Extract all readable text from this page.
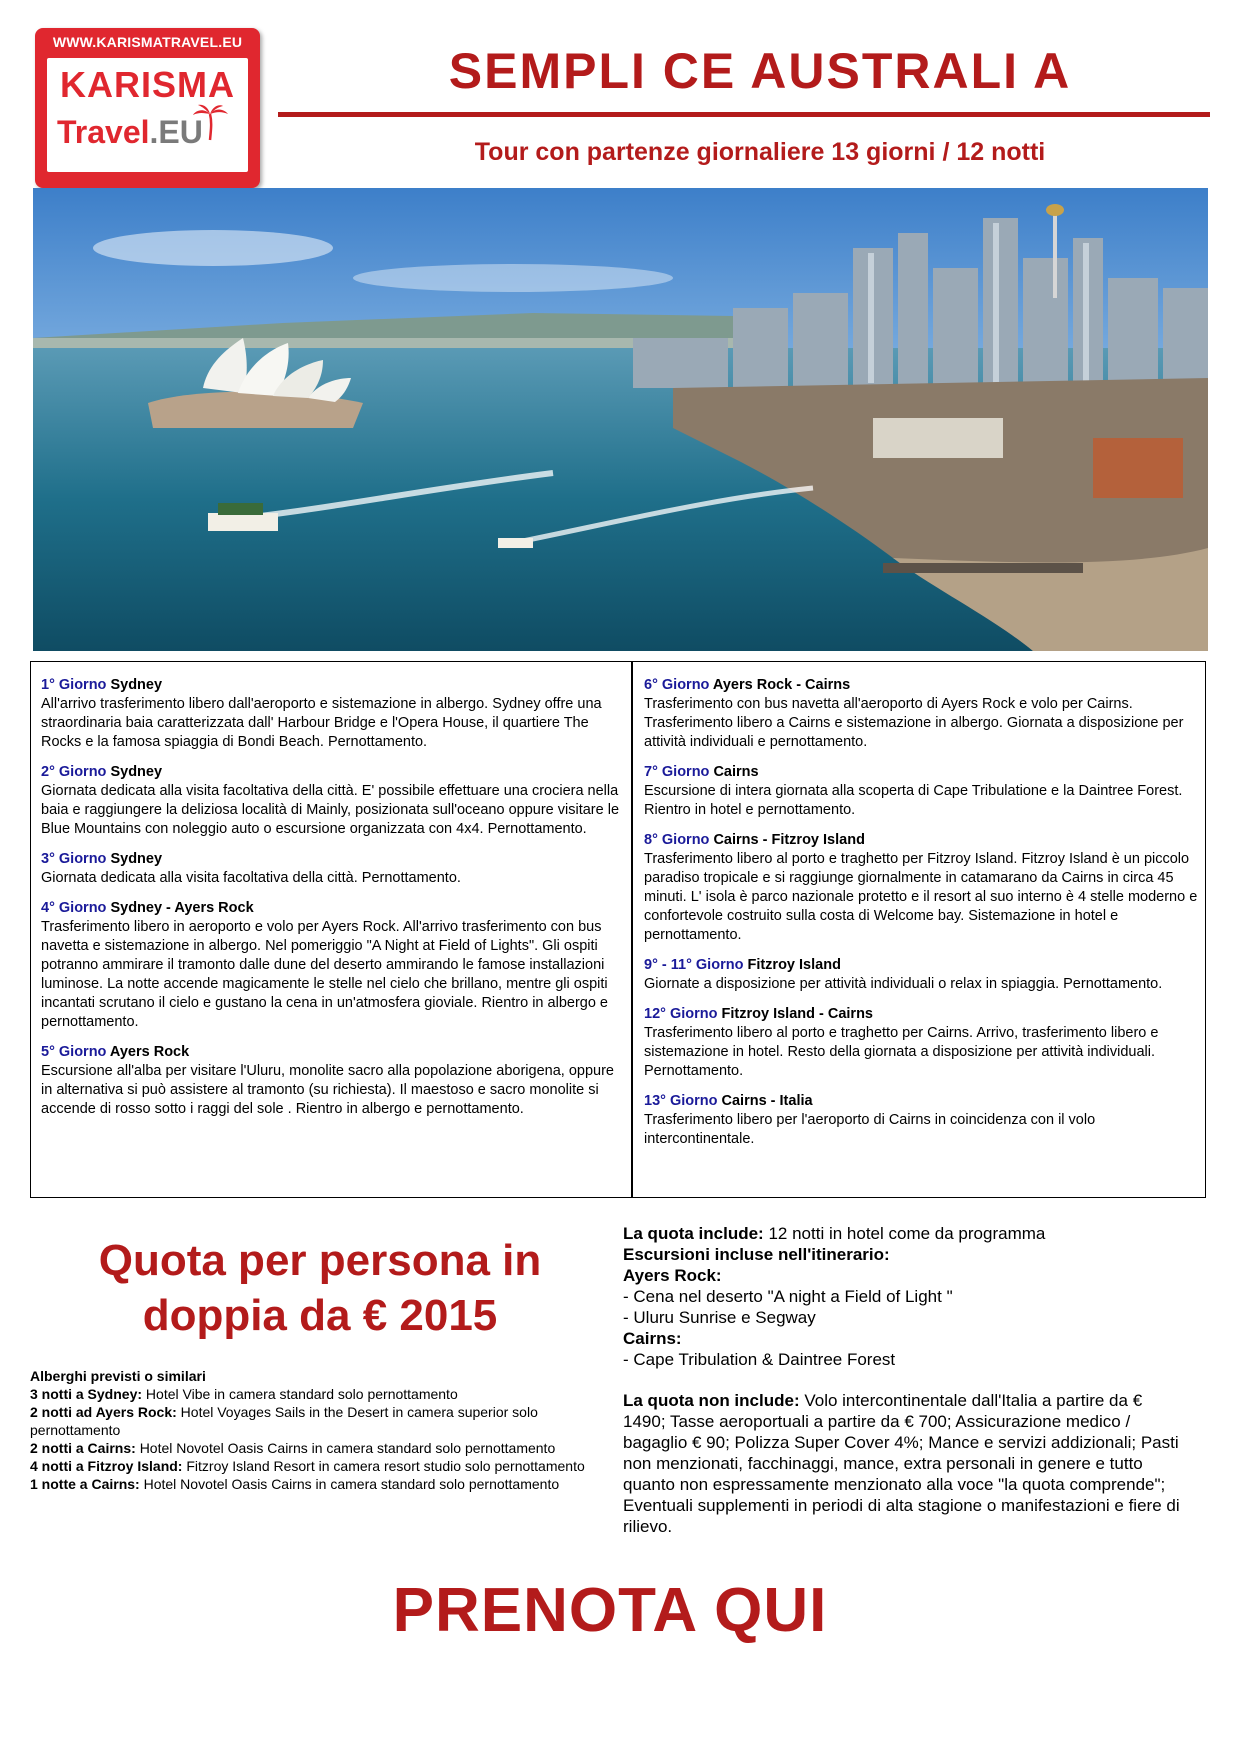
WWW.KARISMATRAVEL.EU
KARISMA
Travel.EU
SEMPLI CE AUSTRALI A
Tour con partenze giornaliere 13 giorni / 12 notti
1° Giorno Sydney
All'arrivo trasferimento libero dall'aeroporto e sistemazione in albergo. Sydney offre una straordinaria baia caratterizzata dall' Harbour Bridge e l'Opera House, il quartiere The Rocks e la famosa spiaggia di Bondi Beach. Pernottamento.
2° Giorno Sydney
Giornata dedicata alla visita facoltativa della città. E' possibile effettuare una crociera nella baia e raggiungere la deliziosa località di Mainly, posizionata sull'oceano oppure visitare le Blue Mountains con noleggio auto o escursione organizzata con 4x4. Pernottamento.
3° Giorno Sydney
Giornata dedicata alla visita facoltativa della città. Pernottamento.
4° Giorno Sydney - Ayers Rock
Trasferimento libero in aeroporto e volo per Ayers Rock. All'arrivo trasferimento con bus navetta e sistemazione in albergo. Nel pomeriggio "A Night at Field of Lights". Gli ospiti potranno ammirare il tramonto dalle dune del deserto ammirando le famose installazioni luminose. La notte accende magicamente le stelle nel cielo che brillano, mentre gli ospiti incantati scrutano il cielo e gustano la cena in un'atmosfera gioviale. Rientro in albergo e pernottamento.
5° Giorno Ayers Rock
Escursione all'alba per visitare l'Uluru, monolite sacro alla popolazione aborigena, oppure in alternativa si può assistere al tramonto (su richiesta). Il maestoso e sacro monolite si accende di rosso sotto i raggi del sole . Rientro in albergo e pernottamento.
6° Giorno Ayers Rock - Cairns
Trasferimento con bus navetta all'aeroporto di Ayers Rock e volo per Cairns. Trasferimento libero a Cairns e sistemazione in albergo. Giornata a disposizione per attività individuali e pernottamento.
7° Giorno Cairns
Escursione di intera giornata alla scoperta di Cape Tribulatione e la Daintree Forest. Rientro in hotel e pernottamento.
8° Giorno Cairns - Fitzroy Island
Trasferimento libero al porto e traghetto per Fitzroy Island. Fitzroy Island è un piccolo paradiso tropicale e si raggiunge giornalmente in catamarano da Cairns in circa 45 minuti. L' isola è parco nazionale protetto e il resort al suo interno è 4 stelle moderno e confortevole costruito sulla costa di Welcome bay. Sistemazione in hotel e pernottamento.
9° - 11° Giorno Fitzroy Island
Giornate a disposizione per attività individuali o relax in spiaggia. Pernottamento.
12° Giorno Fitzroy Island - Cairns
Trasferimento libero al porto e traghetto per Cairns. Arrivo, trasferimento libero e sistemazione in hotel. Resto della giornata a disposizione per attività individuali. Pernottamento.
13° Giorno Cairns - Italia
Trasferimento libero per l'aeroporto di Cairns in coincidenza con il volo intercontinentale.
Quota per persona in
doppia da € 2015
Alberghi previsti o similari
3 notti a Sydney: Hotel Vibe in camera standard solo pernottamento
2 notti ad Ayers Rock: Hotel Voyages Sails in the Desert in camera superior solo pernottamento
2 notti a Cairns: Hotel Novotel Oasis Cairns in camera standard solo pernottamento
4 notti a Fitzroy Island: Fitzroy Island Resort in camera resort studio solo pernottamento
1 notte a Cairns: Hotel Novotel Oasis Cairns in camera standard solo pernottamento
La quota include: 12 notti in hotel come da programma
Escursioni incluse nell'itinerario:
Ayers Rock:
- Cena nel deserto "A night a Field of Light "
- Uluru Sunrise e Segway
Cairns:
- Cape Tribulation & Daintree Forest
La quota non include: Volo intercontinentale dall'Italia a partire da € 1490; Tasse aeroportuali a partire da € 700; Assicurazione medico / bagaglio € 90; Polizza Super Cover 4%; Mance e servizi addizionali; Pasti non menzionati, facchinaggi, mance, extra personali in genere e tutto quanto non espressamente menzionato alla voce "la quota comprende"; Eventuali supplementi in periodi di alta stagione o manifestazioni e fiere di rilievo.
PRENOTA QUI
